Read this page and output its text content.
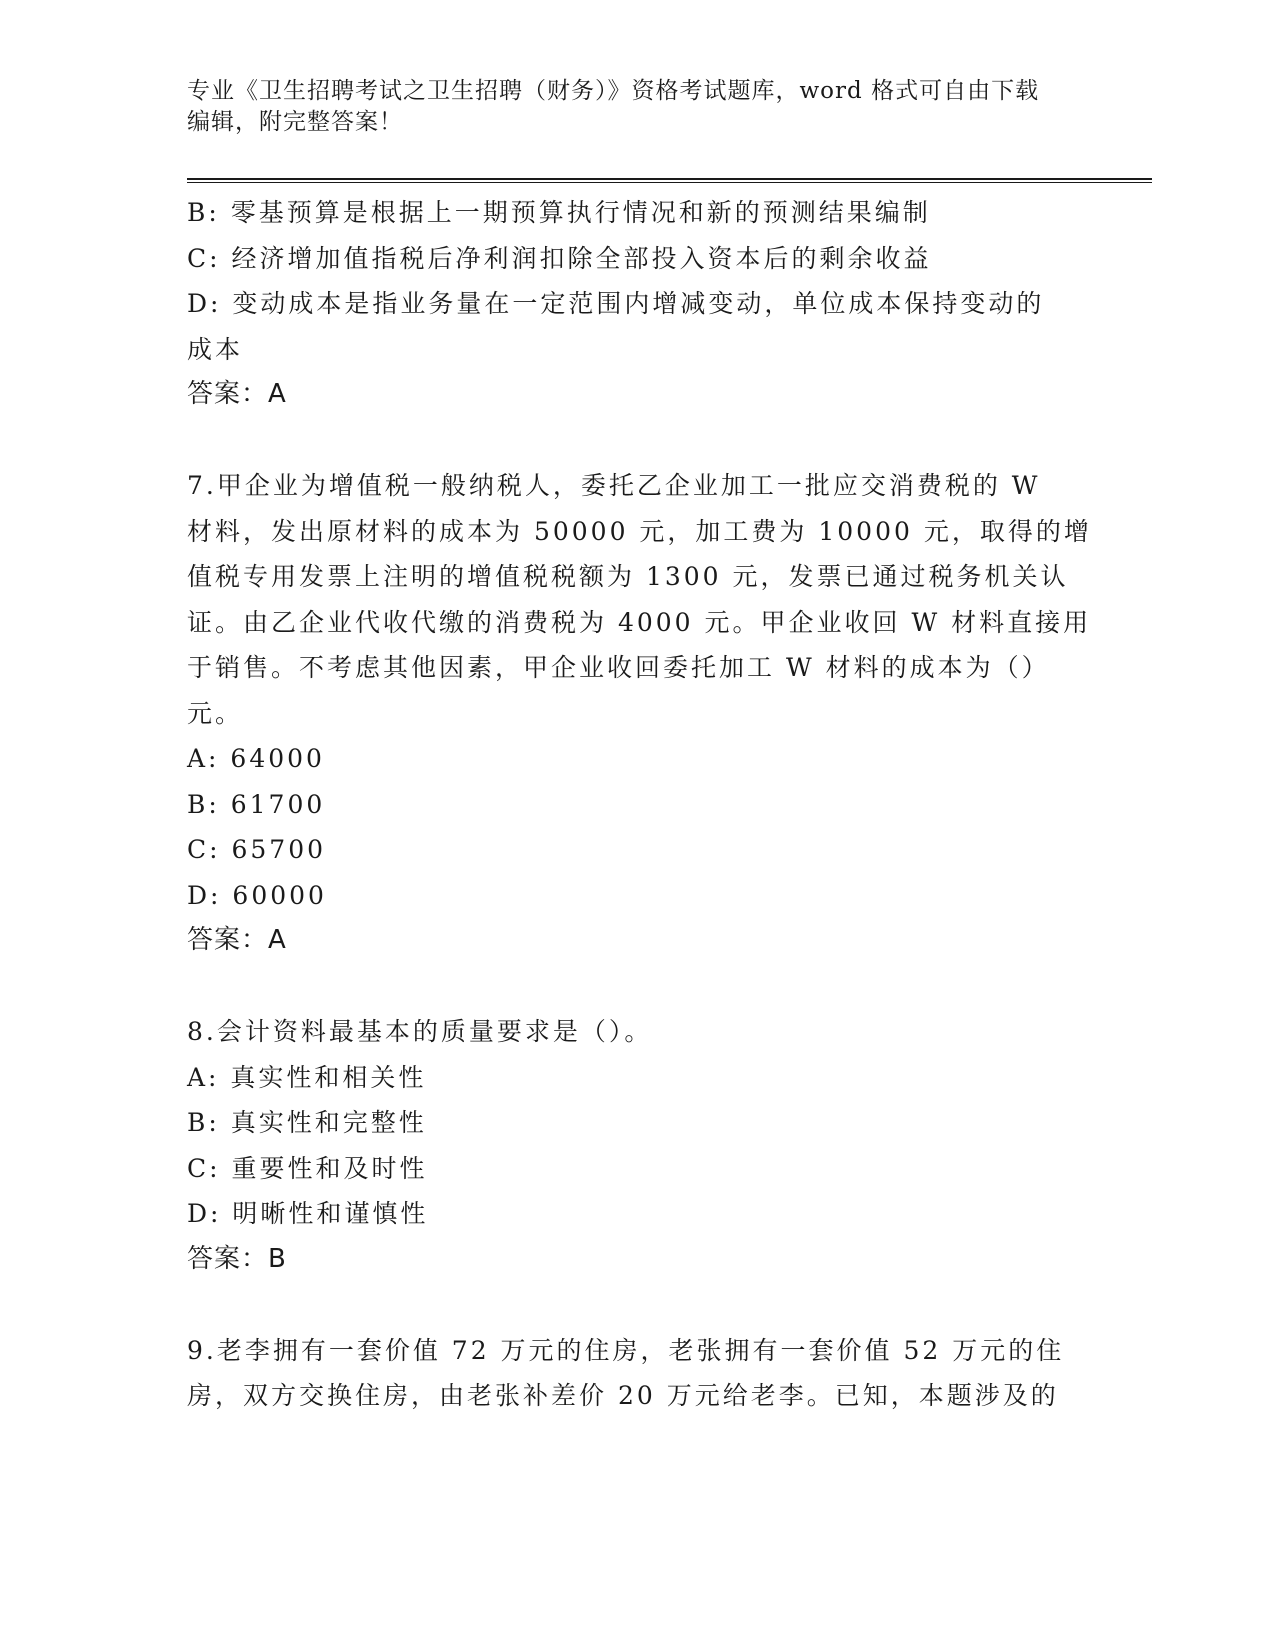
专业《卫生招聘考试之卫生招聘（财务）》资格考试题库，word 格式可自由下载
编辑，附完整答案！
B: 零基预算是根据上一期预算执行情况和新的预测结果编制
C: 经济增加值指税后净利润扣除全部投入资本后的剩余收益
D: 变动成本是指业务量在一定范围内增减变动，单位成本保持变动的
成本
答案：A
7.甲企业为增值税一般纳税人，委托乙企业加工一批应交消费税的 W
材料，发出原材料的成本为 50000 元，加工费为 10000 元，取得的增
值税专用发票上注明的增值税税额为 1300 元，发票已通过税务机关认
证。由乙企业代收代缴的消费税为 4000 元。甲企业收回 W 材料直接用
于销售。不考虑其他因素，甲企业收回委托加工 W 材料的成本为（）
元。
A: 64000
B: 61700
C: 65700
D: 60000
答案：A
8.会计资料最基本的质量要求是（）。
A: 真实性和相关性
B: 真实性和完整性
C: 重要性和及时性
D: 明晰性和谨慎性
答案：B
9.老李拥有一套价值 72 万元的住房，老张拥有一套价值 52 万元的住
房，双方交换住房，由老张补差价 20 万元给老李。已知，本题涉及的
